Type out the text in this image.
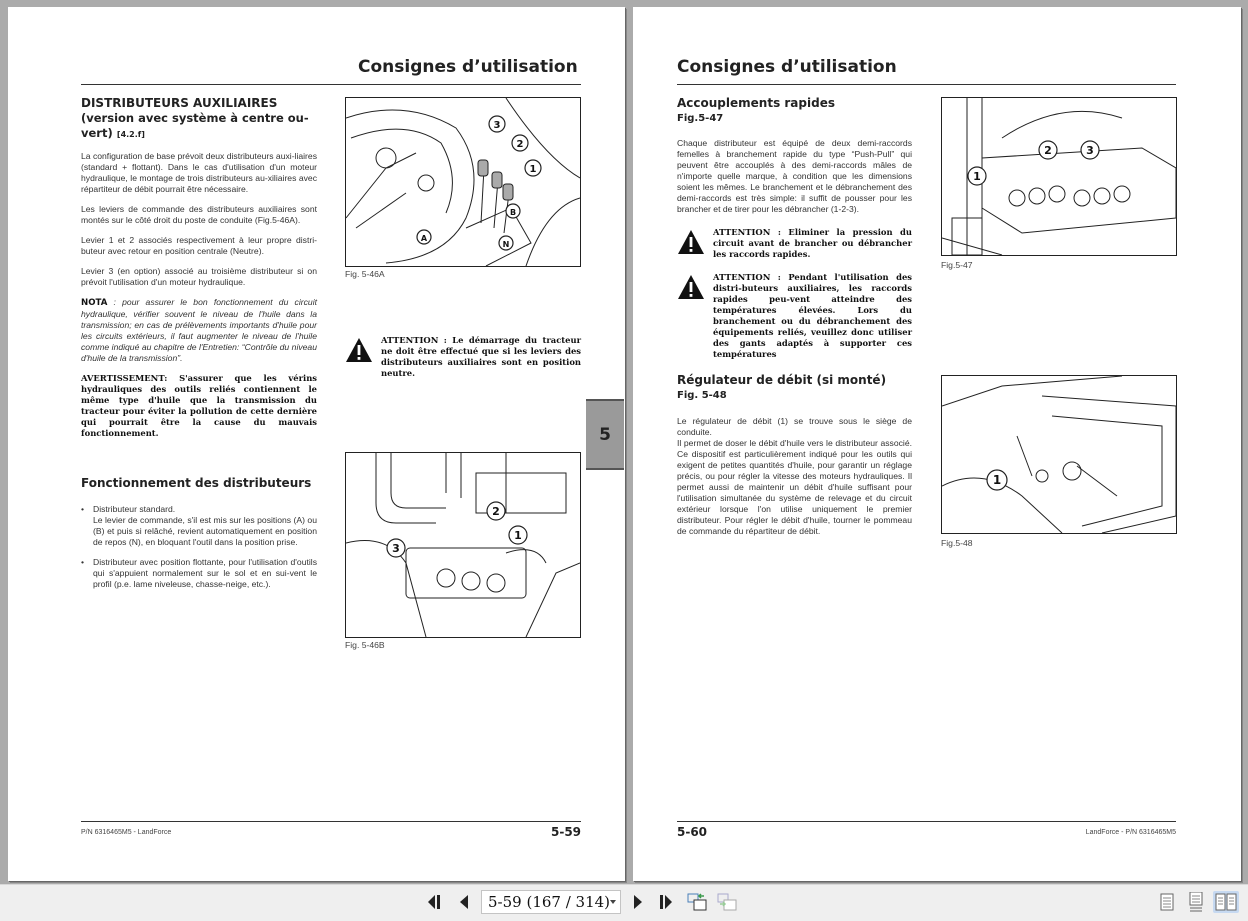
Consignes d’utilisation
DISTRIBUTEURS AUXILIAIRES
(version avec système à centre ou-vert) [4.2.f]

La configuration de base prévoit deux distributeurs auxi-liaires (standard + flottant). Dans le cas d'utilisation d'un moteur hydraulique, le montage de trois distributeurs au-xiliaires avec répartiteur de débit pourrait être nécessaire.

Les leviers de commande des distributeurs auxiliaires sont montés sur le côté droit du poste de conduite (Fig.5-46A).

Levier 1 et 2 associés respectivement à leur propre distri-buteur avec retour en position centrale (Neutre).

Levier 3 (en option) associé au troisième distributeur si on prévoit l'utilisation d'un moteur hydraulique.

NOTA : pour assurer le bon fonctionnement du circuit hydraulique, vérifier souvent le niveau de l'huile dans la transmission; en cas de prélèvements importants d'huile pour les circuits extérieurs, il faut augmenter le niveau de l'huile comme indiqué au chapitre de l'Entretien: “Contrôle du niveau d'huile de la transmission”.

AVERTISSEMENT: S'assurer que les vérins hydrauliques des outils reliés contiennent le même type d'huile que la transmission du tracteur pour éviter la pollution de cette dernière qui pourrait être la cause du mauvais fonctionnement.

Fonctionnement des distributeurs
• Distributeur standard.
Le levier de commande, s'il est mis sur les positions (A) ou (B) et puis si relâché, revient automatiquement en position de repos (N), en bloquant l'outil dans la position prise.
• Distributeur avec position flottante, pour l'utilisation d'outils qui s'appuient normalement sur le sol et en sui-vent le profil (p.e. lame niveleuse, chasse-neige, etc.).
3
2
1
A
B
N
Fig. 5-46A
ATTENTION : Le démarrage du tracteur ne doit être effectué que si les leviers des distributeurs auxiliaires sont en position neutre.
2
1
3
Fig. 5-46B
P/N 6316465M5 - LandForce	5-59
5
Consignes d’utilisation
Accouplements rapides
Fig.5-47
Chaque distributeur est équipé de deux demi-raccords femelles à branchement rapide du type “Push-Pull” qui peuvent être accouplés à des demi-raccords mâles de n'importe quelle marque, à condition que les dimensions soient les mêmes. Le branchement et le débranchement des demi-raccords est très simple: il suffit de pousser pour les brancher et de tirer pour les débrancher (1-2-3).
ATTENTION : Eliminer la pression du circuit avant de brancher ou débrancher les raccords rapides.
ATTENTION : Pendant l'utilisation des distri-buteurs auxiliaires, les raccords rapides peu-vent atteindre des températures élevées. Lors du branchement ou du débranchement des équipements reliés, veuillez donc utiliser des gants adaptés à supporter ces températures
Régulateur de débit (si monté)
Fig. 5-48
Le régulateur de débit (1) se trouve sous le siège de conduite.
Il permet de doser le débit d'huile vers le distributeur associé. Ce dispositif est particulièrement indiqué pour les outils qui exigent de petites quantités d'huile, pour garantir un réglage précis, ou pour régler la vitesse des moteurs hydrauliques. Il permet aussi de maintenir un débit d'huile suffisant pour l'utilisation simultanée du système de relevage et du circuit extérieur lorsque l'on utilise uniquement le premier distributeur. Pour régler le débit d'huile, tourner le pommeau de commande du répartiteur de débit.
1
2	3
Fig.5-47
1
Fig.5-48
5-60	LandForce - P/N 6316465M5
5-59 (167 / 314)
